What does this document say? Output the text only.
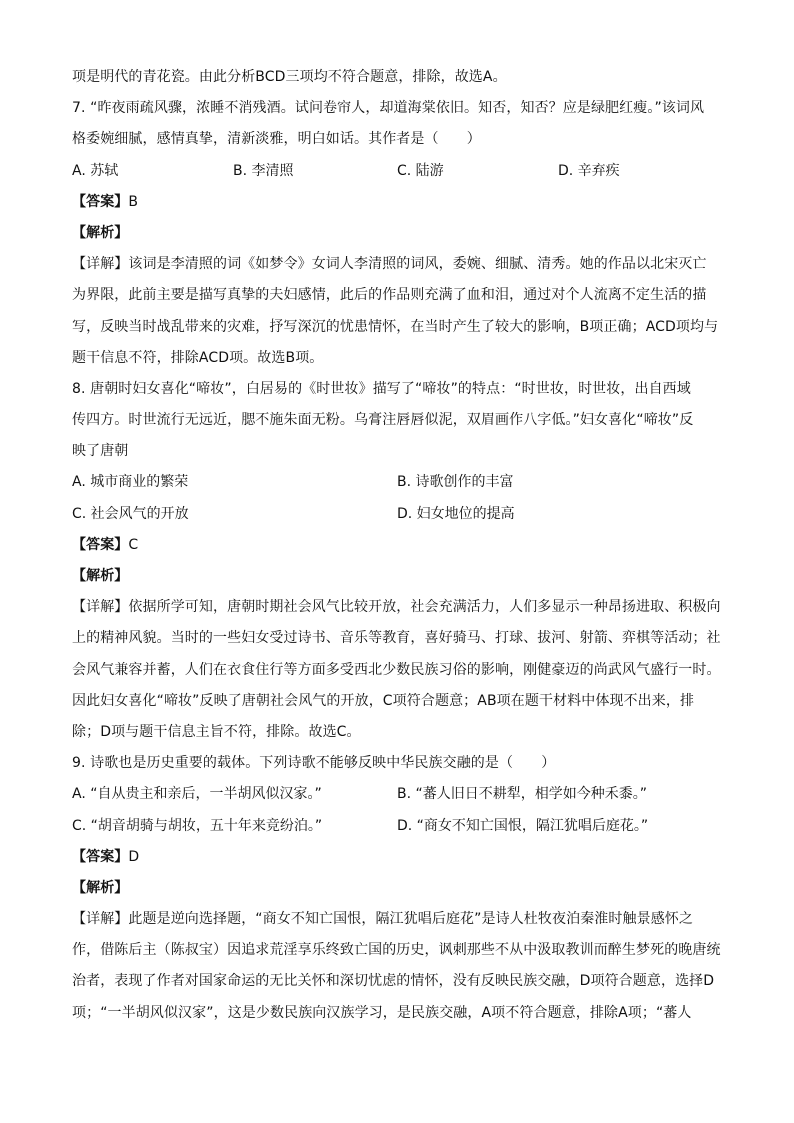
项是明代的青花瓷。由此分析BCD三项均不符合题意，排除，故选A。
7. “昨夜雨疏风骤，浓睡不消残酒。试问卷帘人，却道海棠依旧。知否，知否？应是绿肥红瘦。”该词风
格委婉细腻，感情真挚，清新淡雅，明白如话。其作者是（　　）
A. 苏轼	B. 李清照	C. 陆游	D. 辛弃疾
【答案】B
【解析】
【详解】该词是李清照的词《如梦令》女词人李清照的词风，委婉、细腻、清秀。她的作品以北宋灭亡
为界限，此前主要是描写真挚的夫妇感情，此后的作品则充满了血和泪，通过对个人流离不定生活的描
写，反映当时战乱带来的灾难，抒写深沉的忧患情怀，在当时产生了较大的影响，B项正确；ACD项均与
题干信息不符，排除ACD项。故选B项。
8. 唐朝时妇女喜化“啼妆”，白居易的《时世妆》描写了“啼妆”的特点：“时世妆，时世妆，出自西域
传四方。时世流行无远近，腮不施朱面无粉。乌膏注唇唇似泥，双眉画作八字低。”妇女喜化“啼妆”反
映了唐朝
A. 城市商业的繁荣	B. 诗歌创作的丰富
C. 社会风气的开放	D. 妇女地位的提高
【答案】C
【解析】
【详解】依据所学可知，唐朝时期社会风气比较开放，社会充满活力，人们多显示一种昂扬进取、积极向
上的精神风貌。当时的一些妇女受过诗书、音乐等教育，喜好骑马、打球、拔河、射箭、弈棋等活动；社
会风气兼容并蓄，人们在衣食住行等方面多受西北少数民族习俗的影响，刚健豪迈的尚武风气盛行一时。
因此妇女喜化“啼妆”反映了唐朝社会风气的开放，C项符合题意；AB项在题干材料中体现不出来，排
除；D项与题干信息主旨不符，排除。故选C。
9. 诗歌也是历史重要的载体。下列诗歌不能够反映中华民族交融的是（　　）
A. “自从贵主和亲后，一半胡风似汉家。”	B. “蕃人旧日不耕犁，相学如今种禾黍。”
C. “胡音胡骑与胡妆，五十年来竞纷泊。”	D. “商女不知亡国恨，隔江犹唱后庭花。”
【答案】D
【解析】
【详解】此题是逆向选择题，“商女不知亡国恨，隔江犹唱后庭花”是诗人杜牧夜泊秦淮时触景感怀之
作，借陈后主（陈叔宝）因追求荒淫享乐终致亡国的历史，讽刺那些不从中汲取教训而醉生梦死的晚唐统
治者，表现了作者对国家命运的无比关怀和深切忧虑的情怀，没有反映民族交融，D项符合题意，选择D
项；“一半胡风似汉家”，这是少数民族向汉族学习，是民族交融，A项不符合题意，排除A项；“蕃人
